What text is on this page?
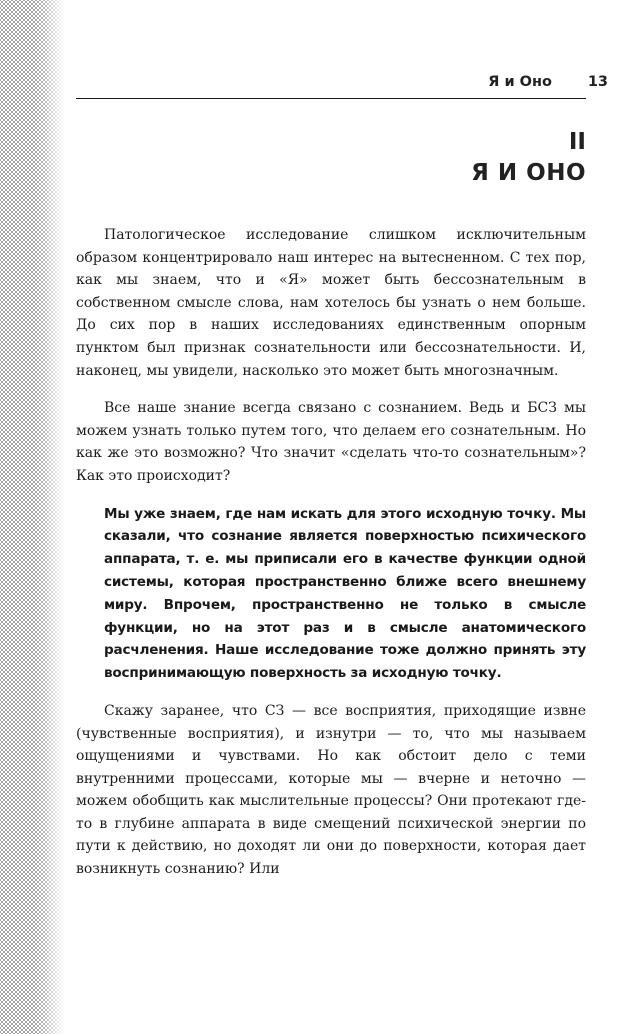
Я и Оно 13
II
Я И ОНО

Патологическое исследование слишком исключительным образом концентрировало наш интерес на вытесненном. С тех пор, как мы знаем, что и «Я» может быть бессознательным в собственном смысле слова, нам хотелось бы узнать о нем больше. До сих пор в наших исследованиях единственным опорным пунктом был признак сознательности или бессознательности. И, наконец, мы увидели, насколько это может быть многозначным.

Все наше знание всегда связано с сознанием. Ведь и БСЗ мы можем узнать только путем того, что делаем его сознательным. Но как же это возможно? Что значит «сделать что-то сознательным»? Как это происходит?

Мы уже знаем, где нам искать для этого исходную точку. Мы сказали, что сознание является поверхностью психического аппарата, т. е. мы приписали его в качестве функции одной системы, которая пространственно ближе всего внешнему миру. Впрочем, пространственно не только в смысле функции, но на этот раз и в смысле анатомического расчленения. Наше исследование тоже должно принять эту воспринимающую поверхность за исходную точку.

Скажу заранее, что СЗ — все восприятия, приходящие извне (чувственные восприятия), и изнутри — то, что мы называем ощущениями и чувствами. Но как обстоит дело с теми внутренними процессами, которые мы — вчерне и неточно — можем обобщить как мыслительные процессы? Они протекают где-то в глубине аппарата в виде смещений психической энергии по пути к действию, но доходят ли они до поверхности, которая дает возникнуть сознанию? Или
